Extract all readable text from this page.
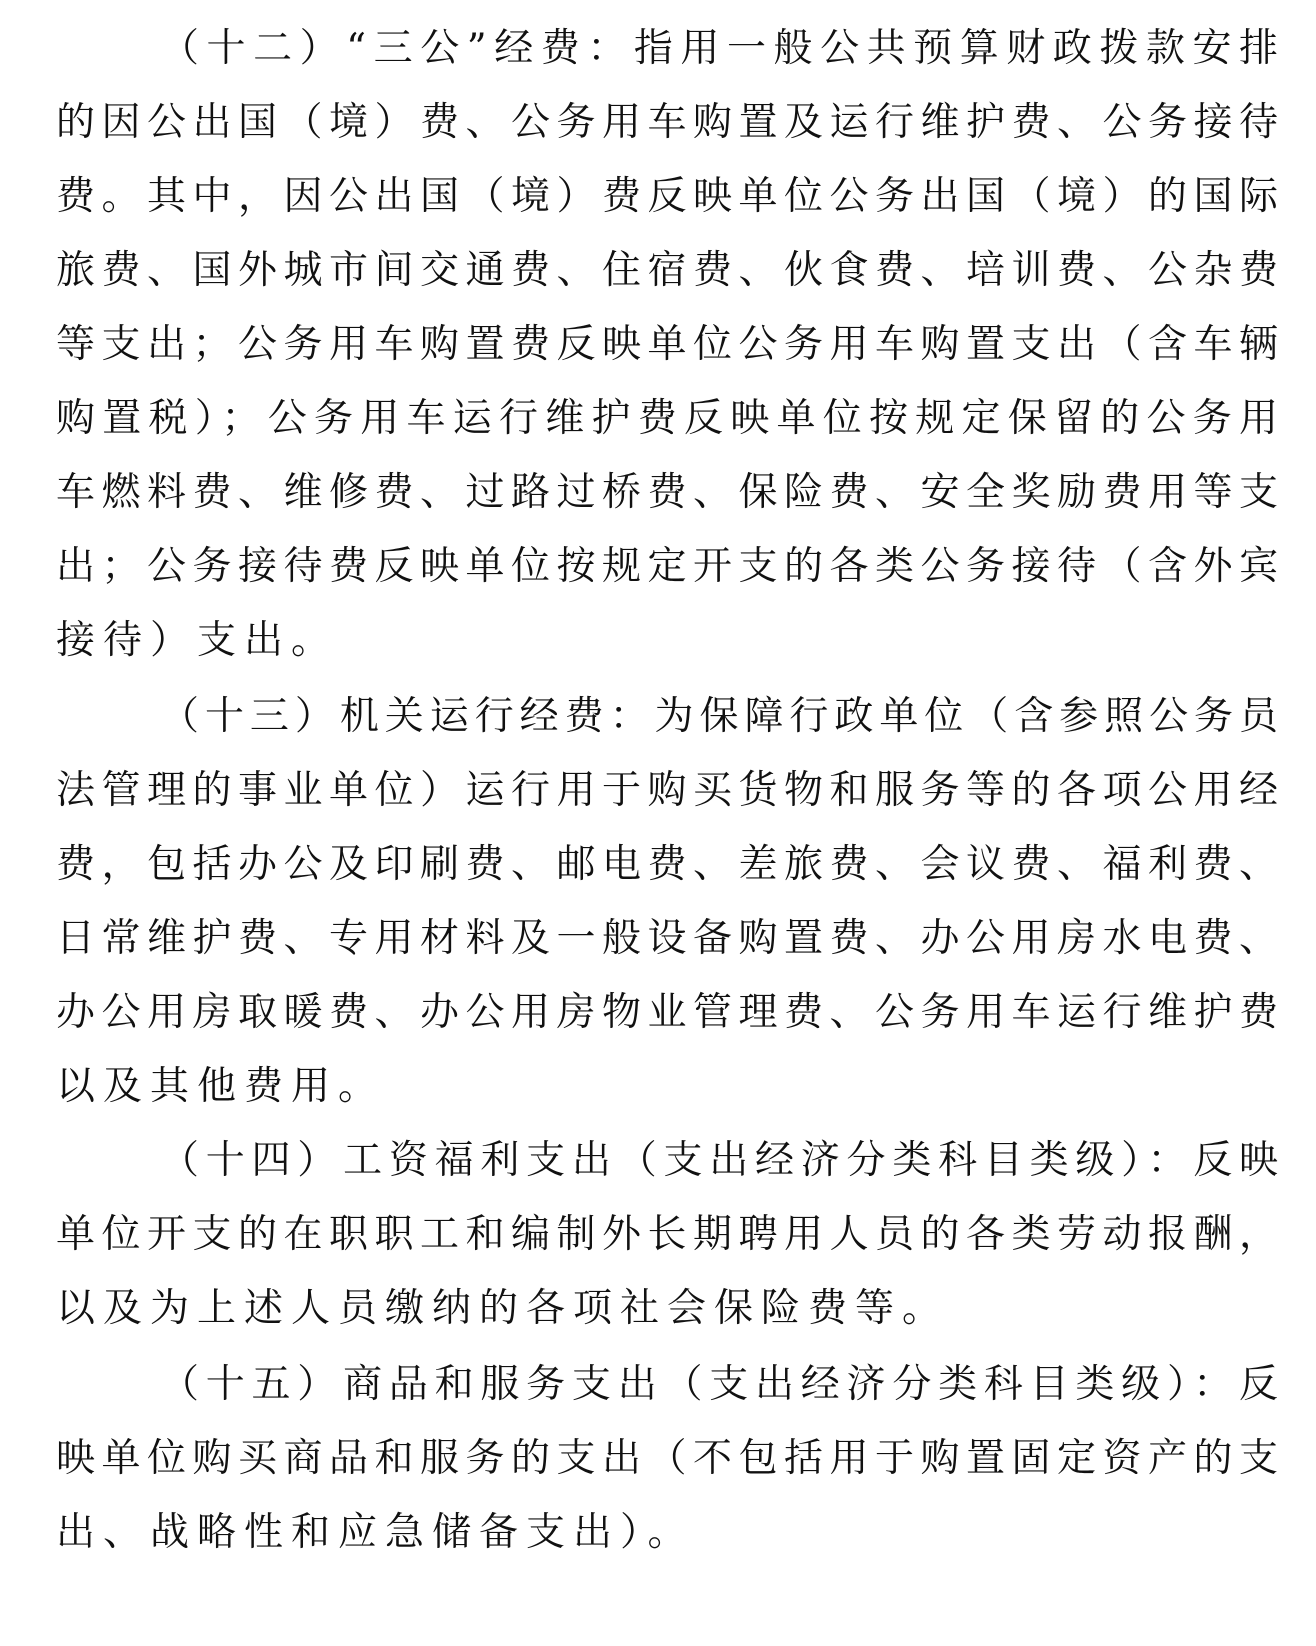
（十二）“三公”经费：指用一般公共预算财政拨款安排
的因公出国（境）费、公务用车购置及运行维护费、公务接待
费。其中，因公出国（境）费反映单位公务出国（境）的国际
旅费、国外城市间交通费、住宿费、伙食费、培训费、公杂费
等支出；公务用车购置费反映单位公务用车购置支出（含车辆
购置税）；公务用车运行维护费反映单位按规定保留的公务用
车燃料费、维修费、过路过桥费、保险费、安全奖励费用等支
出；公务接待费反映单位按规定开支的各类公务接待（含外宾
接待）支出。
（十三）机关运行经费：为保障行政单位（含参照公务员
法管理的事业单位）运行用于购买货物和服务等的各项公用经
费，包括办公及印刷费、邮电费、差旅费、会议费、福利费、
日常维护费、专用材料及一般设备购置费、办公用房水电费、
办公用房取暖费、办公用房物业管理费、公务用车运行维护费
以及其他费用。
（十四）工资福利支出（支出经济分类科目类级）：反映
单位开支的在职职工和编制外长期聘用人员的各类劳动报酬，
以及为上述人员缴纳的各项社会保险费等。
（十五）商品和服务支出（支出经济分类科目类级）：反
映单位购买商品和服务的支出（不包括用于购置固定资产的支
出、战略性和应急储备支出）。
